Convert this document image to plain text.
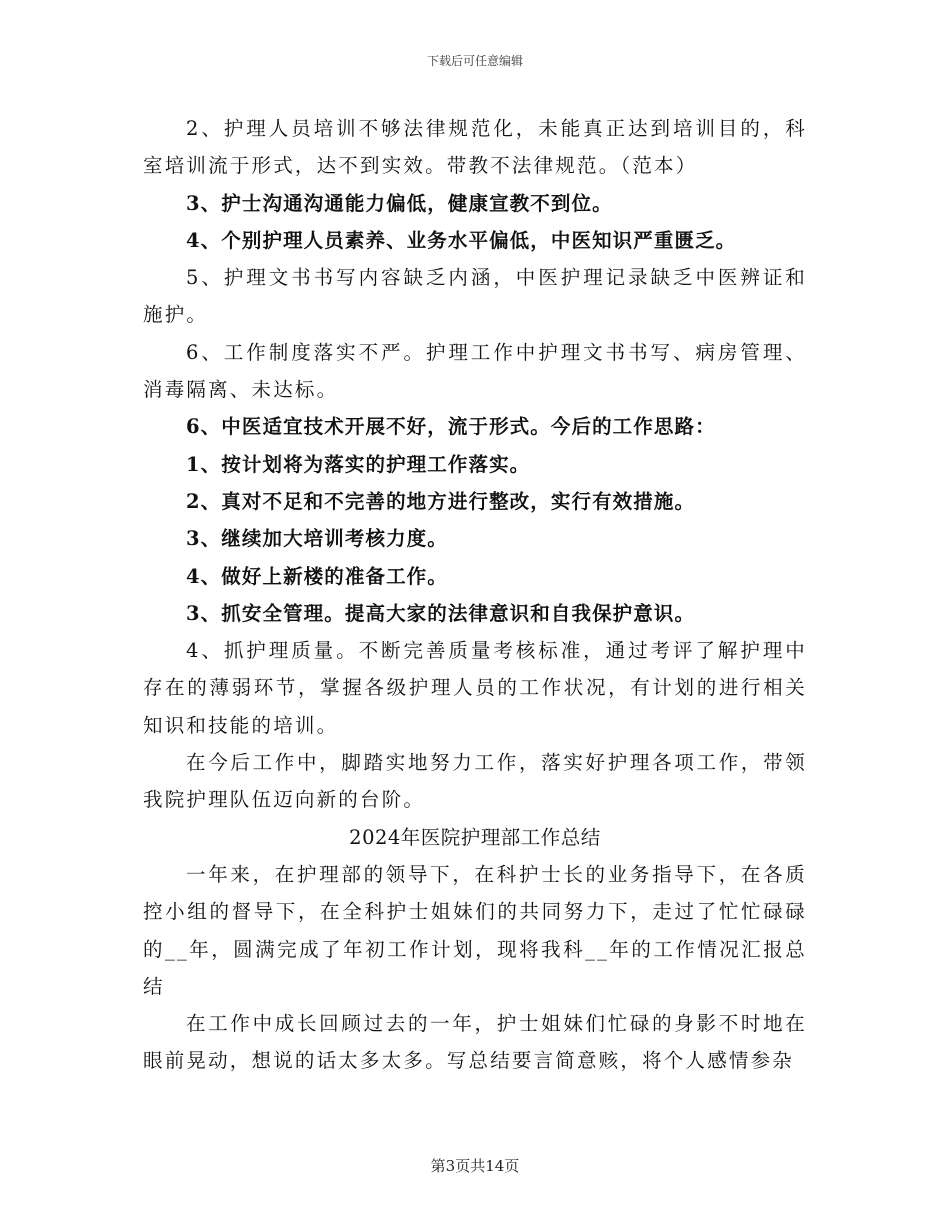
下载后可任意编辑

2、护理人员培训不够法律规范化，未能真正达到培训目的，科室培训流于形式，达不到实效。带教不法律规范。（范本）

3、护士沟通沟通能力偏低，健康宣教不到位。

4、个别护理人员素养、业务水平偏低，中医知识严重匮乏。

5、护理文书书写内容缺乏内涵，中医护理记录缺乏中医辨证和施护。

6、工作制度落实不严。护理工作中护理文书书写、病房管理、消毒隔离、未达标。

6、中医适宜技术开展不好，流于形式。今后的工作思路：

1、按计划将为落实的护理工作落实。

2、真对不足和不完善的地方进行整改，实行有效措施。

3、继续加大培训考核力度。

4、做好上新楼的准备工作。

3、抓安全管理。提高大家的法律意识和自我保护意识。

4、抓护理质量。不断完善质量考核标准，通过考评了解护理中存在的薄弱环节，掌握各级护理人员的工作状况，有计划的进行相关知识和技能的培训。

在今后工作中，脚踏实地努力工作，落实好护理各项工作，带领我院护理队伍迈向新的台阶。

2024年医院护理部工作总结

一年来，在护理部的领导下，在科护士长的业务指导下，在各质控小组的督导下，在全科护士姐妹们的共同努力下，走过了忙忙碌碌的__年，圆满完成了年初工作计划，现将我科__年的工作情况汇报总结

在工作中成长回顾过去的一年，护士姐妹们忙碌的身影不时地在眼前晃动，想说的话太多太多。写总结要言简意赅，将个人感情参杂

第3页共14页
